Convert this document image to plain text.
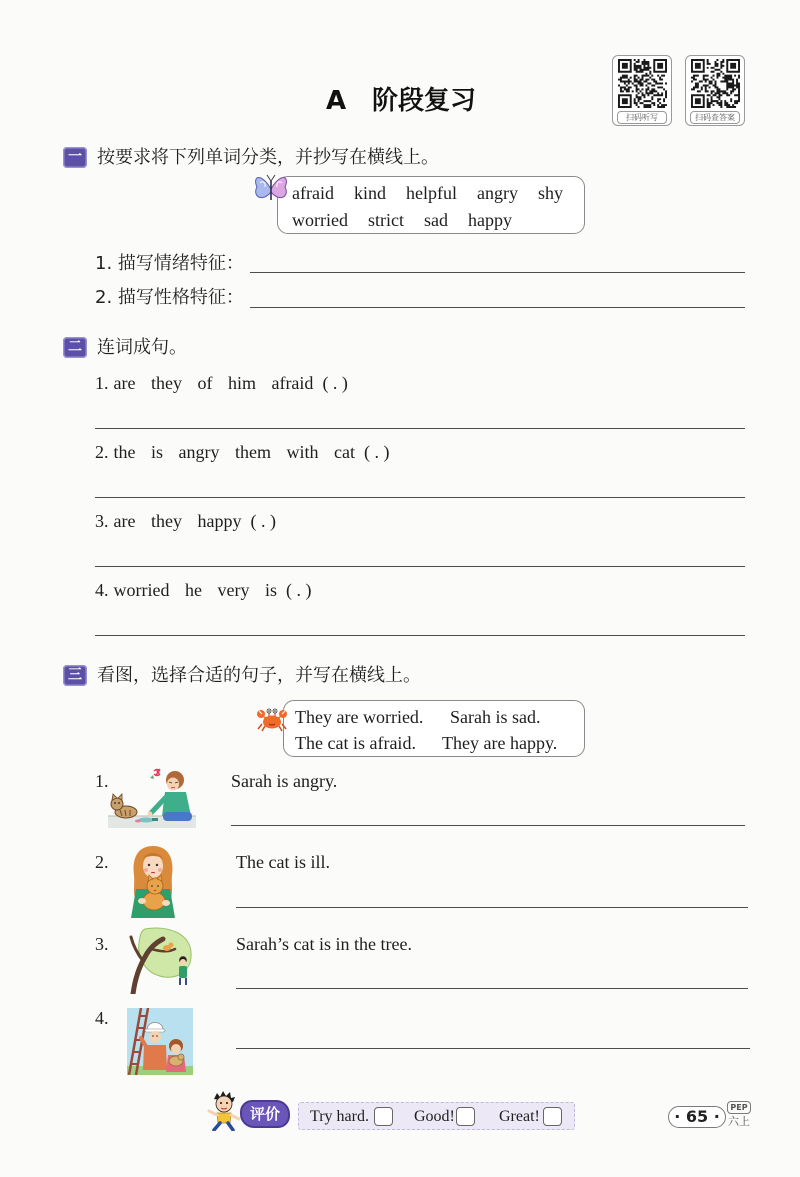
A 阶段复习
扫码听写	扫码查答案
一 按要求将下列单词分类，并抄写在横线上。
afraid kind helpful angry shy
worried strict sad happy
1. 描写情绪特征：
2. 描写性格特征：
二 连词成句。
1. are they of him afraid ( . )
2. the is angry them with cat ( . )
3. are they happy ( . )
4. worried he very is ( . )
三 看图，选择合适的句子，并写在横线上。
They are worried. Sarah is sad.
The cat is afraid. They are happy.
1.	Sarah is angry.
2.	The cat is ill.
3.	Sarah’s cat is in the tree.
4.
评价	Try hard.	Good!	Great!
·	65 ·	PEP
六上
